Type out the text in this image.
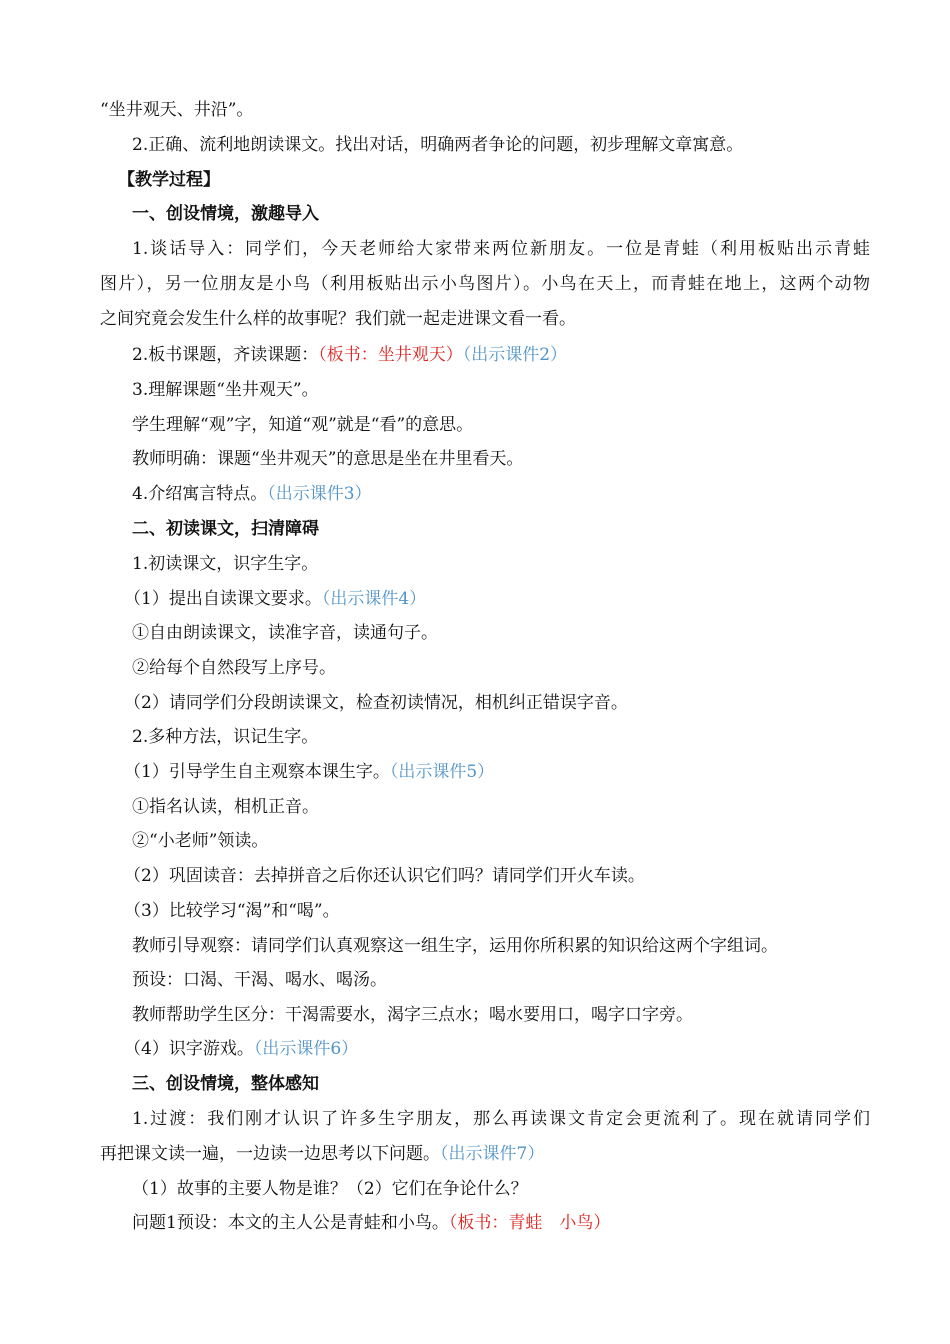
“坐井观天、井沿”。
2.正确、流利地朗读课文。找出对话，明确两者争论的问题，初步理解文章寓意。
【教学过程】
一、创设情境，激趣导入
1.谈话导入：同学们，今天老师给大家带来两位新朋友。一位是青蛙（利用板贴出示青蛙
图片），另一位朋友是小鸟（利用板贴出示小鸟图片）。小鸟在天上，而青蛙在地上，这两个动物
之间究竟会发生什么样的故事呢？我们就一起走进课文看一看。
2.板书课题，齐读课题：（板书：坐井观天）（出示课件2）
3.理解课题“坐井观天”。
学生理解“观”字，知道“观”就是“看”的意思。
教师明确：课题“坐井观天”的意思是坐在井里看天。
4.介绍寓言特点。（出示课件3）
二、初读课文，扫清障碍
1.初读课文，识字生字。
（1）提出自读课文要求。（出示课件4）
①自由朗读课文，读准字音，读通句子。
②给每个自然段写上序号。
（2）请同学们分段朗读课文，检查初读情况，相机纠正错误字音。
2.多种方法，识记生字。
（1）引导学生自主观察本课生字。（出示课件5）
①指名认读，相机正音。
②“小老师”领读。
（2）巩固读音：去掉拼音之后你还认识它们吗？请同学们开火车读。
（3）比较学习“渴”和“喝”。
教师引导观察：请同学们认真观察这一组生字，运用你所积累的知识给这两个字组词。
预设：口渴、干渴、喝水、喝汤。
教师帮助学生区分：干渴需要水，渴字三点水；喝水要用口，喝字口字旁。
（4）识字游戏。（出示课件6）
三、创设情境，整体感知
1.过渡：我们刚才认识了许多生字朋友，那么再读课文肯定会更流利了。现在就请同学们
再把课文读一遍，一边读一边思考以下问题。（出示课件7）
（1）故事的主要人物是谁？（2）它们在争论什么？
问题1预设：本文的主人公是青蛙和小鸟。（板书：青蛙　小鸟）
